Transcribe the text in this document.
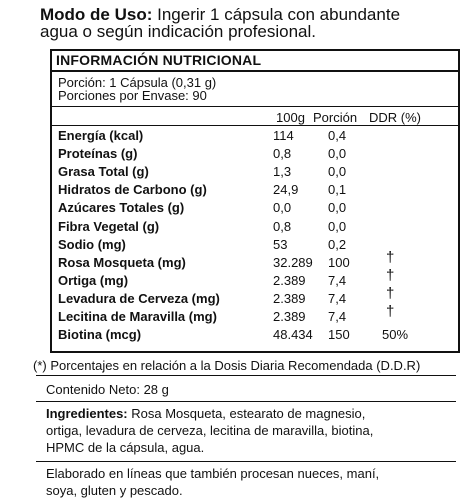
Modo de Uso: Ingerir 1 cápsula con abundante
agua o según indicación profesional.
INFORMACIÓN NUTRICIONAL
Porción: 1 Cápsula (0,31 g)
Porciones por Envase: 90
100g Porción DDR (%)
Energía (kcal)	114	0,4
Proteínas (g)	0,8	0,0
Grasa Total (g)	1,3	0,0
Hidratos de Carbono (g)	24,9 0,1
Azúcares Totales (g)	0,0	0,0
Fibra Vegetal (g)	0,8	0,0
Sodio (mg)	53	0,2
Rosa Mosqueta (mg)	32.289 100 †
Ortiga (mg)	2.389 7,4	†
Levadura de Cerveza (mg)	2.389 7,4	†
Lecitina de Maravilla (mg)	2.389 7,4	†
Biotina (mcg)	48.434 150 50%
(*) Porcentajes en relación a la Dosis Diaria Recomendada (D.D.R)
Contenido Neto: 28 g
Ingredientes: Rosa Mosqueta, estearato de magnesio,
ortiga, levadura de cerveza, lecitina de maravilla, biotina,
HPMC de la cápsula, agua.
Elaborado en líneas que también procesan nueces, maní,
soya, gluten y pescado.
